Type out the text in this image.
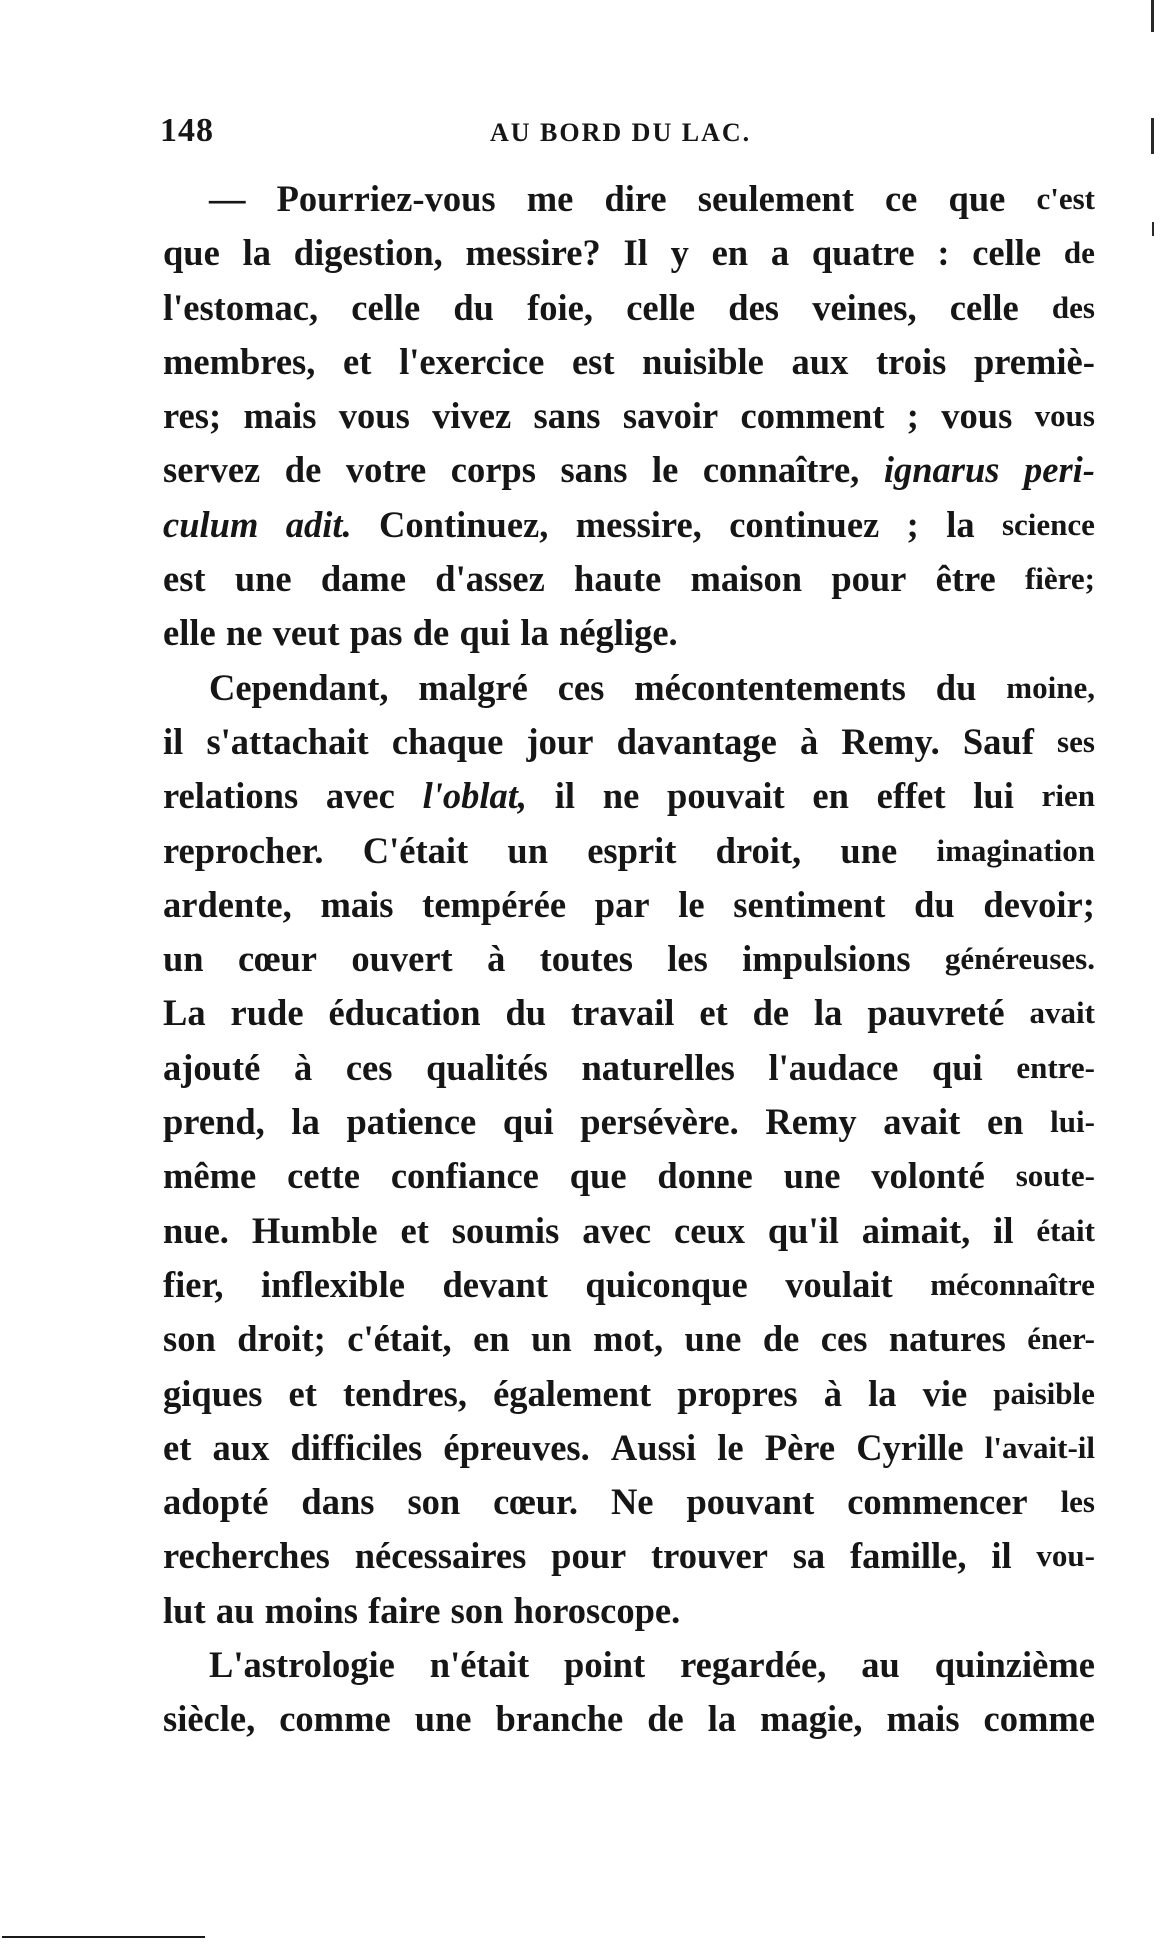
148	AU BORD DU LAC.
— Pourriez-vous me dire seulement ce que c'est
que la digestion, messire? Il y en a quatre : celle de
l'estomac, celle du foie, celle des veines, celle des
membres, et l'exercice est nuisible aux trois premiè-
res; mais vous vivez sans savoir comment ; vous vous
servez de votre corps sans le connaître, ignarus peri-
culum adit. Continuez, messire, continuez ; la science
est une dame d'assez haute maison pour être fière;
elle ne veut pas de qui la néglige.
Cependant, malgré ces mécontentements du moine,
il s'attachait chaque jour davantage à Remy. Sauf ses
relations avec l'oblat, il ne pouvait en effet lui rien
reprocher. C'était un esprit droit, une imagination
ardente, mais tempérée par le sentiment du devoir;
un cœur ouvert à toutes les impulsions généreuses.
La rude éducation du travail et de la pauvreté avait
ajouté à ces qualités naturelles l'audace qui entre-
prend, la patience qui persévère. Remy avait en lui-
même cette confiance que donne une volonté soute-
nue. Humble et soumis avec ceux qu'il aimait, il était
fier, inflexible devant quiconque voulait méconnaître
son droit; c'était, en un mot, une de ces natures éner-
giques et tendres, également propres à la vie paisible
et aux difficiles épreuves. Aussi le Père Cyrille l'avait-il
adopté dans son cœur. Ne pouvant commencer les
recherches nécessaires pour trouver sa famille, il vou-
lut au moins faire son horoscope.
L'astrologie n'était point regardée, au quinzième
siècle, comme une branche de la magie, mais comme
